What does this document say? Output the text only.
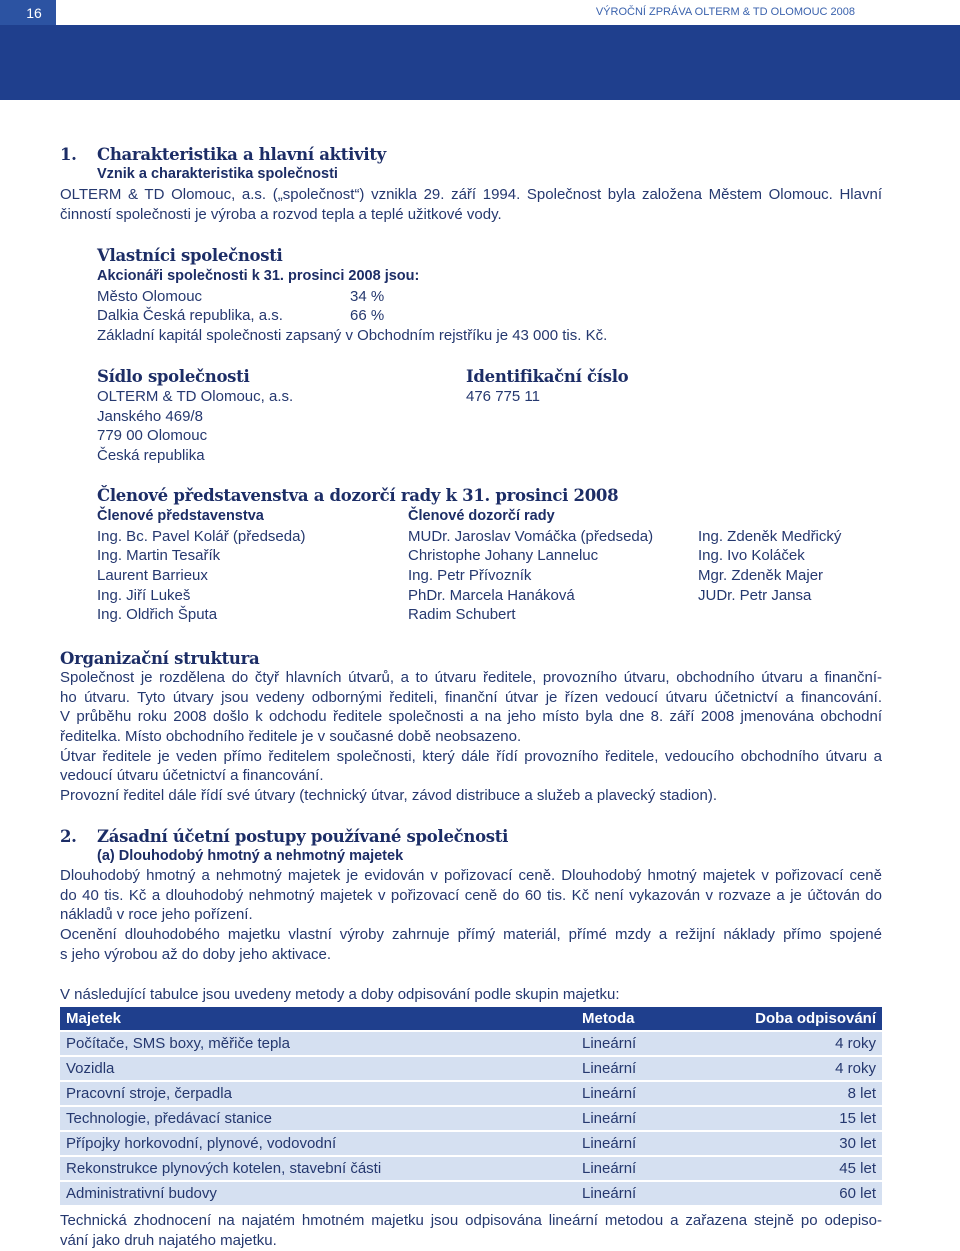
16	VÝROČNÍ ZPRÁVA OLTERM & TD OLOMOUC 2008
1. Charakteristika a hlavní aktivity
Vznik a charakteristika společnosti
OLTERM & TD Olomouc, a.s. („společnost“) vznikla 29. září 1994. Společnost byla založena Městem Olomouc. Hlavní
činností společnosti je výroba a rozvod tepla a teplé užitkové vody.
Vlastníci společnosti
Akcionáři společnosti k 31. prosinci 2008 jsou:
Město Olomouc	34 %
Dalkia Česká republika, a.s.	66 %
Základní kapitál společnosti zapsaný v Obchodním rejstříku je 43 000 tis. Kč.
Sídlo společnosti	Identifikační číslo
OLTERM & TD Olomouc, a.s.
Janského 469/8
779 00 Olomouc
Česká republika
476 775 11
Členové představenstva a dozorčí rady k 31. prosinci 2008
Členové představenstva
Ing. Bc. Pavel Kolář (předseda)
Ing. Martin Tesařík
Laurent Barrieux
Ing. Jiří Lukeš
Ing. Oldřich Šputa
Členové dozorčí rady
MUDr. Jaroslav Vomáčka (předseda)
Christophe Johany Lanneluc
Ing. Petr Přívozník
PhDr. Marcela Hanáková
Radim Schubert
Ing. Zdeněk Medřický
Ing. Ivo Koláček
Mgr. Zdeněk Majer
JUDr. Petr Jansa
Organizační struktura
Společnost je rozdělena do čtyř hlavních útvarů, a to útvaru ředitele, provozního útvaru, obchodního útvaru a finanční-
ho útvaru. Tyto útvary jsou vedeny odbornými řediteli, finanční útvar je řízen vedoucí útvaru účetnictví a financování.
V průběhu roku 2008 došlo k odchodu ředitele společnosti a na jeho místo byla dne 8. září 2008 jmenována obchodní
ředitelka. Místo obchodního ředitele je v současné době neobsazeno.
Útvar ředitele je veden přímo ředitelem společnosti, který dále řídí provozního ředitele, vedoucího obchodního útvaru a
vedoucí útvaru účetnictví a financování.
Provozní ředitel dále řídí své útvary (technický útvar, závod distribuce a služeb a plavecký stadion).
2. Zásadní účetní postupy používané společnosti
(a) Dlouhodobý hmotný a nehmotný majetek
Dlouhodobý hmotný a nehmotný majetek je evidován v pořizovací ceně. Dlouhodobý hmotný majetek v pořizovací ceně
do 40 tis. Kč a dlouhodobý nehmotný majetek v pořizovací ceně do 60 tis. Kč není vykazován v rozvaze a je účtován do
nákladů v roce jeho pořízení.
Ocenění dlouhodobého majetku vlastní výroby zahrnuje přímý materiál, přímé mzdy a režijní náklady přímo spojené
s jeho výrobou až do doby jeho aktivace.
V následující tabulce jsou uvedeny metody a doby odpisování podle skupin majetku:
Majetek	Metoda	Doba odpisování
Počítače, SMS boxy, měřiče tepla	Lineární	4 roky
Vozidla	Lineární	4 roky
Pracovní stroje, čerpadla	Lineární	8 let
Technologie, předávací stanice	Lineární	15 let
Přípojky horkovodní, plynové, vodovodní	Lineární	30 let
Rekonstrukce plynových kotelen, stavební části	Lineární	45 let
Administrativní budovy	Lineární	60 let
Technická zhodnocení na najatém hmotném majetku jsou odpisována lineární metodou a zařazena stejně po odepiso-
vání jako druh najatého majetku.
